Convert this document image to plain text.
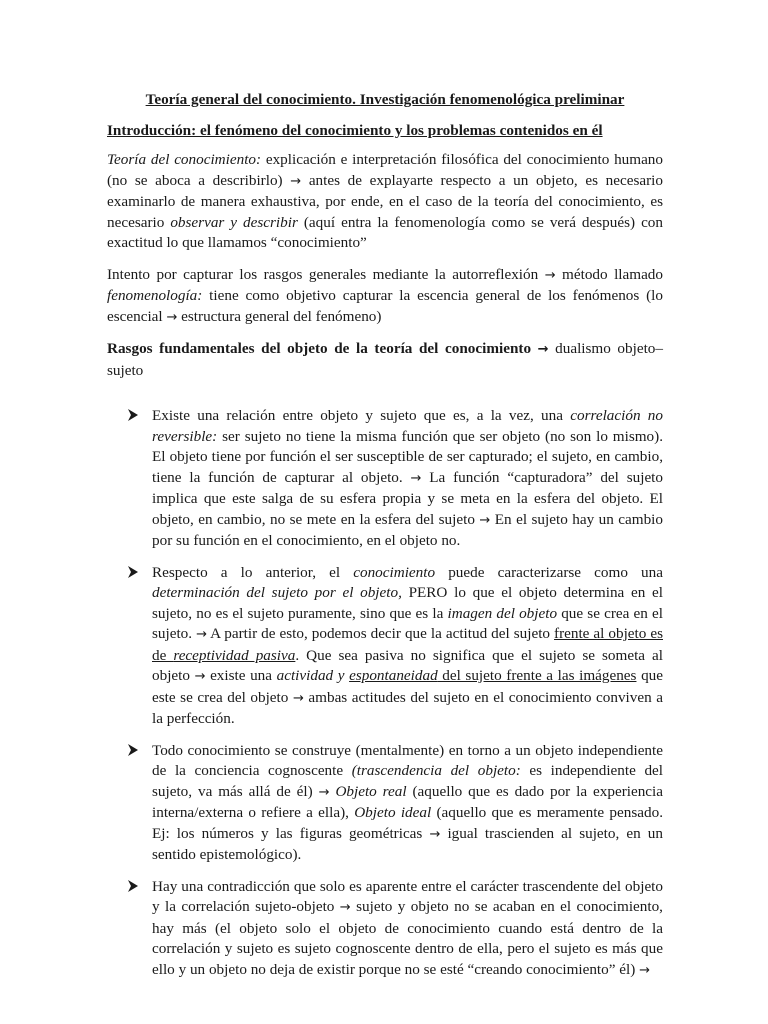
Teoría general del conocimiento. Investigación fenomenológica preliminar
Introducción: el fenómeno del conocimiento y los problemas contenidos en él

Teoría del conocimiento: explicación e interpretación filosófica del conocimiento humano (no se aboca a describirlo) → antes de explayarte respecto a un objeto, es necesario examinarlo de manera exhaustiva, por ende, en el caso de la teoría del conocimiento, es necesario observar y describir (aquí entra la fenomenología como se verá después) con exactitud lo que llamamos “conocimiento”

Intento por capturar los rasgos generales mediante la autorreflexión → método llamado fenomenología: tiene como objetivo capturar la escencia general de los fenómenos (lo escencial → estructura general del fenómeno)

Rasgos fundamentales del objeto de la teoría del conocimiento → dualismo objeto–sujeto

Existe una relación entre objeto y sujeto que es, a la vez, una correlación no reversible: ser sujeto no tiene la misma función que ser objeto (no son lo mismo). El objeto tiene por función el ser susceptible de ser capturado; el sujeto, en cambio, tiene la función de capturar al objeto. → La función “capturadora” del sujeto implica que este salga de su esfera propia y se meta en la esfera del objeto. El objeto, en cambio, no se mete en la esfera del sujeto → En el sujeto hay un cambio por su función en el conocimiento, en el objeto no.
Respecto a lo anterior, el conocimiento puede caracterizarse como una determinación del sujeto por el objeto, PERO lo que el objeto determina en el sujeto, no es el sujeto puramente, sino que es la imagen del objeto que se crea en el sujeto. → A partir de esto, podemos decir que la actitud del sujeto frente al objeto es de receptividad pasiva. Que sea pasiva no significa que el sujeto se someta al objeto → existe una actividad y espontaneidad del sujeto frente a las imágenes que este se crea del objeto → ambas actitudes del sujeto en el conocimiento conviven a la perfección.
Todo conocimiento se construye (mentalmente) en torno a un objeto independiente de la conciencia cognoscente (trascendencia del objeto: es independiente del sujeto, va más allá de él) → Objeto real (aquello que es dado por la experiencia interna/externa o refiere a ella), Objeto ideal (aquello que es meramente pensado. Ej: los números y las figuras geométricas → igual trascienden al sujeto, en un sentido epistemológico).
Hay una contradicción que solo es aparente entre el carácter trascendente del objeto y la correlación sujeto-objeto → sujeto y objeto no se acaban en el conocimiento, hay más (el objeto solo el objeto de conocimiento cuando está dentro de la correlación y sujeto es sujeto cognoscente dentro de ella, pero el sujeto es más que ello y un objeto no deja de existir porque no se esté “creando conocimiento” él) →
